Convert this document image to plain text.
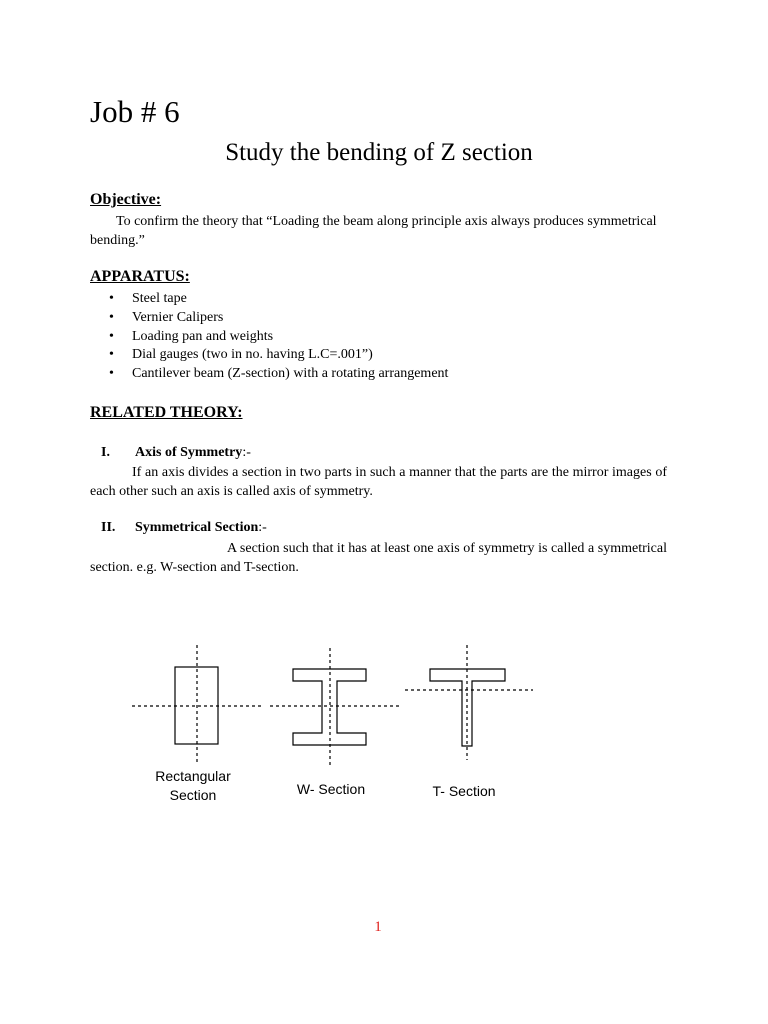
Job # 6
Study the bending of Z section
Objective:
To confirm the theory that “Loading the beam along principle axis always produces symmetrical bending.”
APPARATUS:
• Steel tape
• Vernier Calipers
• Loading pan and weights
• Dial gauges (two in no. having L.C=.001”)
• Cantilever beam (Z-section) with a rotating arrangement
RELATED THEORY:
I. Axis of Symmetry:-
If an axis divides a section in two parts in such a manner that the parts are the mirror images of each other such an axis is called axis of symmetry.
II. Symmetrical Section:-
A section such that it has at least one axis of symmetry is called a symmetrical section. e.g. W-section and T-section.
Rectangular
Section	W- Section	T- Section
1
